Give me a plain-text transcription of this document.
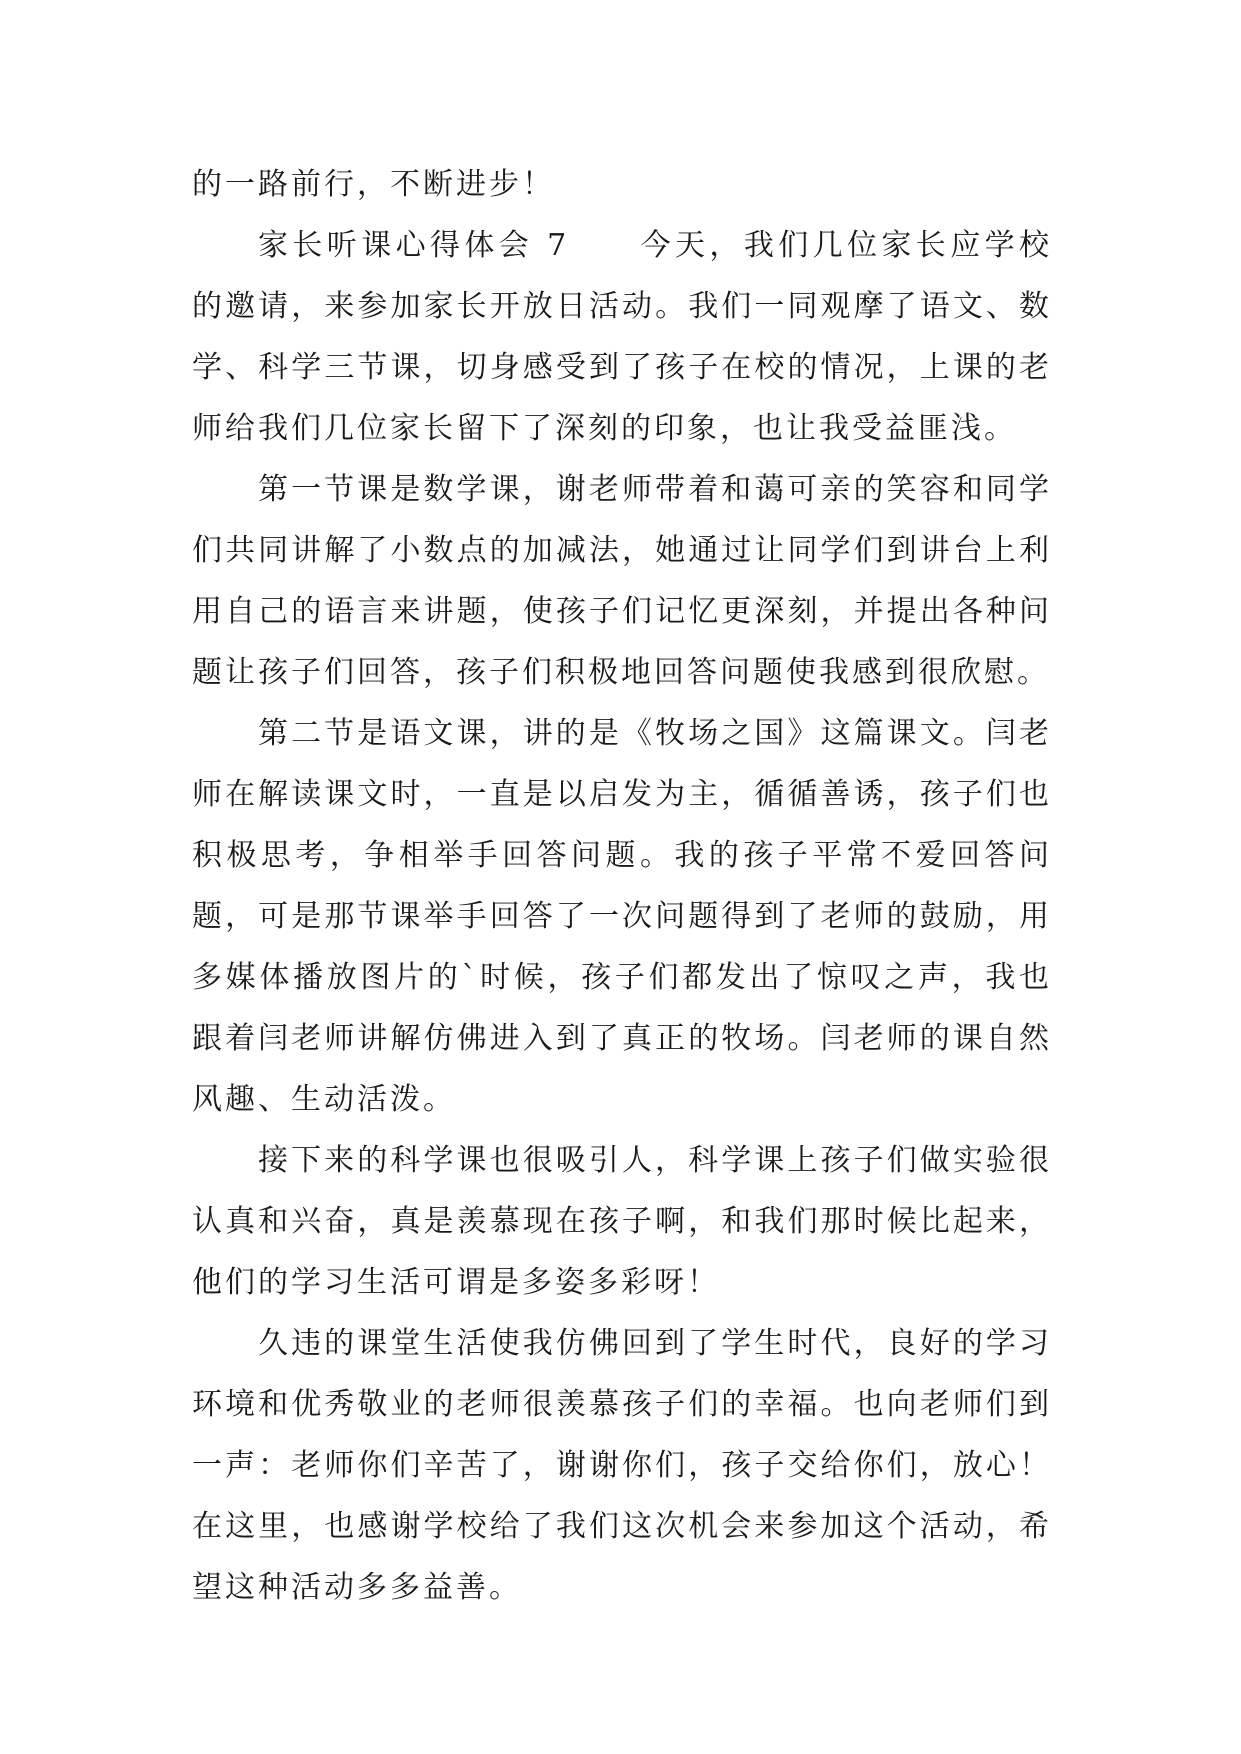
的一路前行，不断进步！

家长听课心得体会 7 今天，我们几位家长应学校的邀请，来参加家长开放日活动。我们一同观摩了语文、数学、科学三节课，切身感受到了孩子在校的情况，上课的老师给我们几位家长留下了深刻的印象，也让我受益匪浅。

第一节课是数学课，谢老师带着和蔼可亲的笑容和同学们共同讲解了小数点的加减法，她通过让同学们到讲台上利用自己的语言来讲题，使孩子们记忆更深刻，并提出各种问题让孩子们回答，孩子们积极地回答问题使我感到很欣慰。

第二节是语文课，讲的是《牧场之国》这篇课文。闫老师在解读课文时，一直是以启发为主，循循善诱，孩子们也积极思考，争相举手回答问题。我的孩子平常不爱回答问题，可是那节课举手回答了一次问题得到了老师的鼓励，用多媒体播放图片的`时候，孩子们都发出了惊叹之声，我也跟着闫老师讲解仿佛进入到了真正的牧场。闫老师的课自然风趣、生动活泼。

接下来的科学课也很吸引人，科学课上孩子们做实验很认真和兴奋，真是羡慕现在孩子啊，和我们那时候比起来，他们的学习生活可谓是多姿多彩呀！

久违的课堂生活使我仿佛回到了学生时代，良好的学习环境和优秀敬业的老师很羡慕孩子们的幸福。也向老师们到一声：老师你们辛苦了，谢谢你们，孩子交给你们，放心！在这里，也感谢学校给了我们这次机会来参加这个活动，希望这种活动多多益善。
